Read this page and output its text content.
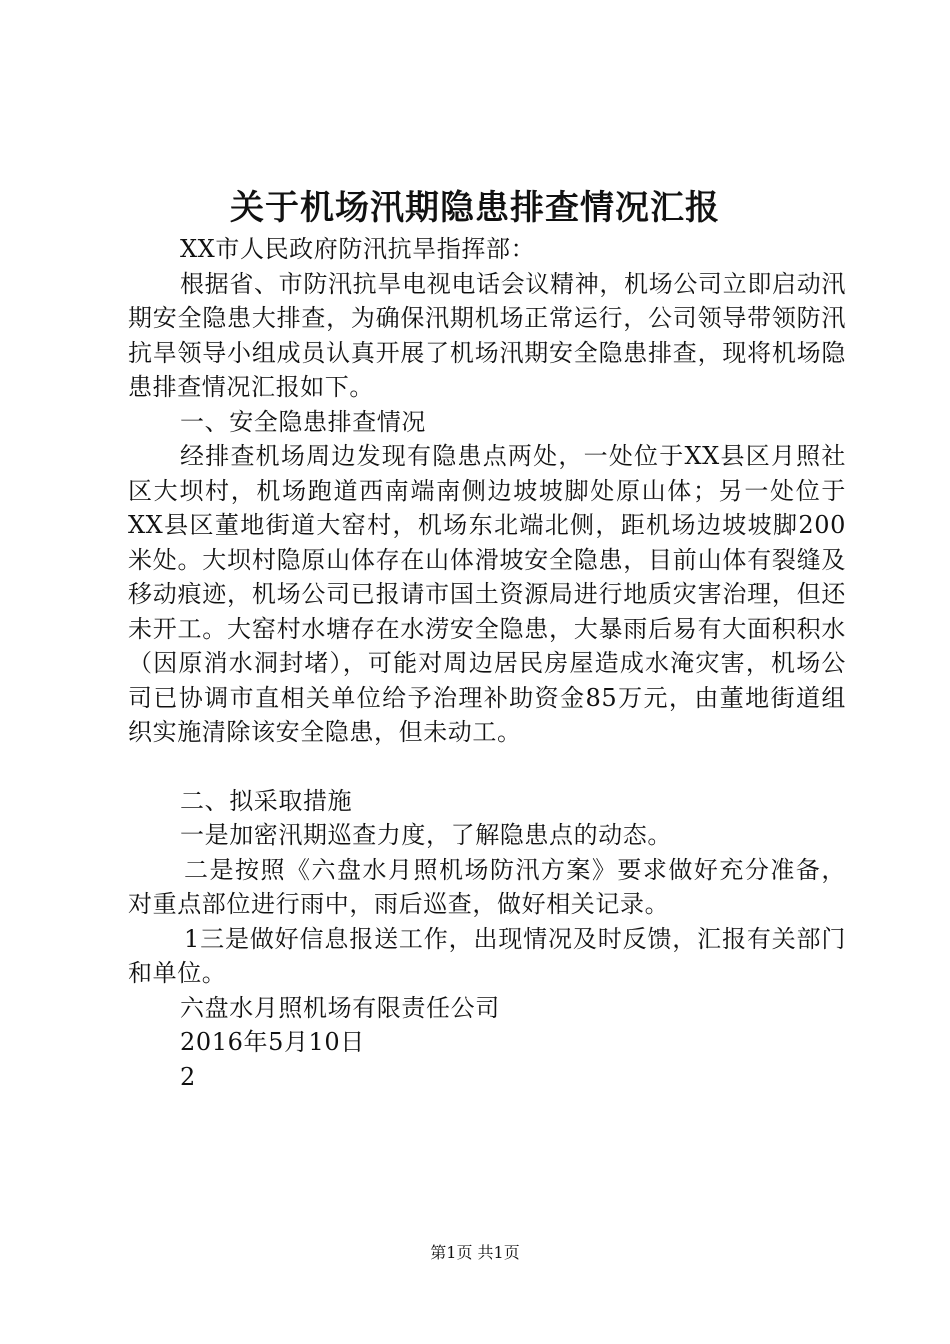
关于机场汛期隐患排查情况汇报

XX市人民政府防汛抗旱指挥部：

根据省、市防汛抗旱电视电话会议精神，机场公司立即启动汛期安全隐患大排查，为确保汛期机场正常运行，公司领导带领防汛抗旱领导小组成员认真开展了机场汛期安全隐患排查，现将机场隐患排查情况汇报如下。

一、安全隐患排查情况

经排查机场周边发现有隐患点两处，一处位于XX县区月照社区大坝村，机场跑道西南端南侧边坡坡脚处原山体；另一处位于XX县区董地街道大窑村，机场东北端北侧，距机场边坡坡脚200米处。大坝村隐原山体存在山体滑坡安全隐患，目前山体有裂缝及移动痕迹，机场公司已报请市国土资源局进行地质灾害治理，但还未开工。大窑村水塘存在水涝安全隐患，大暴雨后易有大面积积水（因原消水洞封堵），可能对周边居民房屋造成水淹灾害，机场公司已协调市直相关单位给予治理补助资金85万元，由董地街道组织实施清除该安全隐患，但未动工。

二、拟采取措施

一是加密汛期巡查力度，了解隐患点的动态。

二是按照《六盘水月照机场防汛方案》要求做好充分准备，对重点部位进行雨中，雨后巡查，做好相关记录。

1三是做好信息报送工作，出现情况及时反馈，汇报有关部门和单位。

六盘水月照机场有限责任公司

2016年5月10日

2

第1页 共1页
